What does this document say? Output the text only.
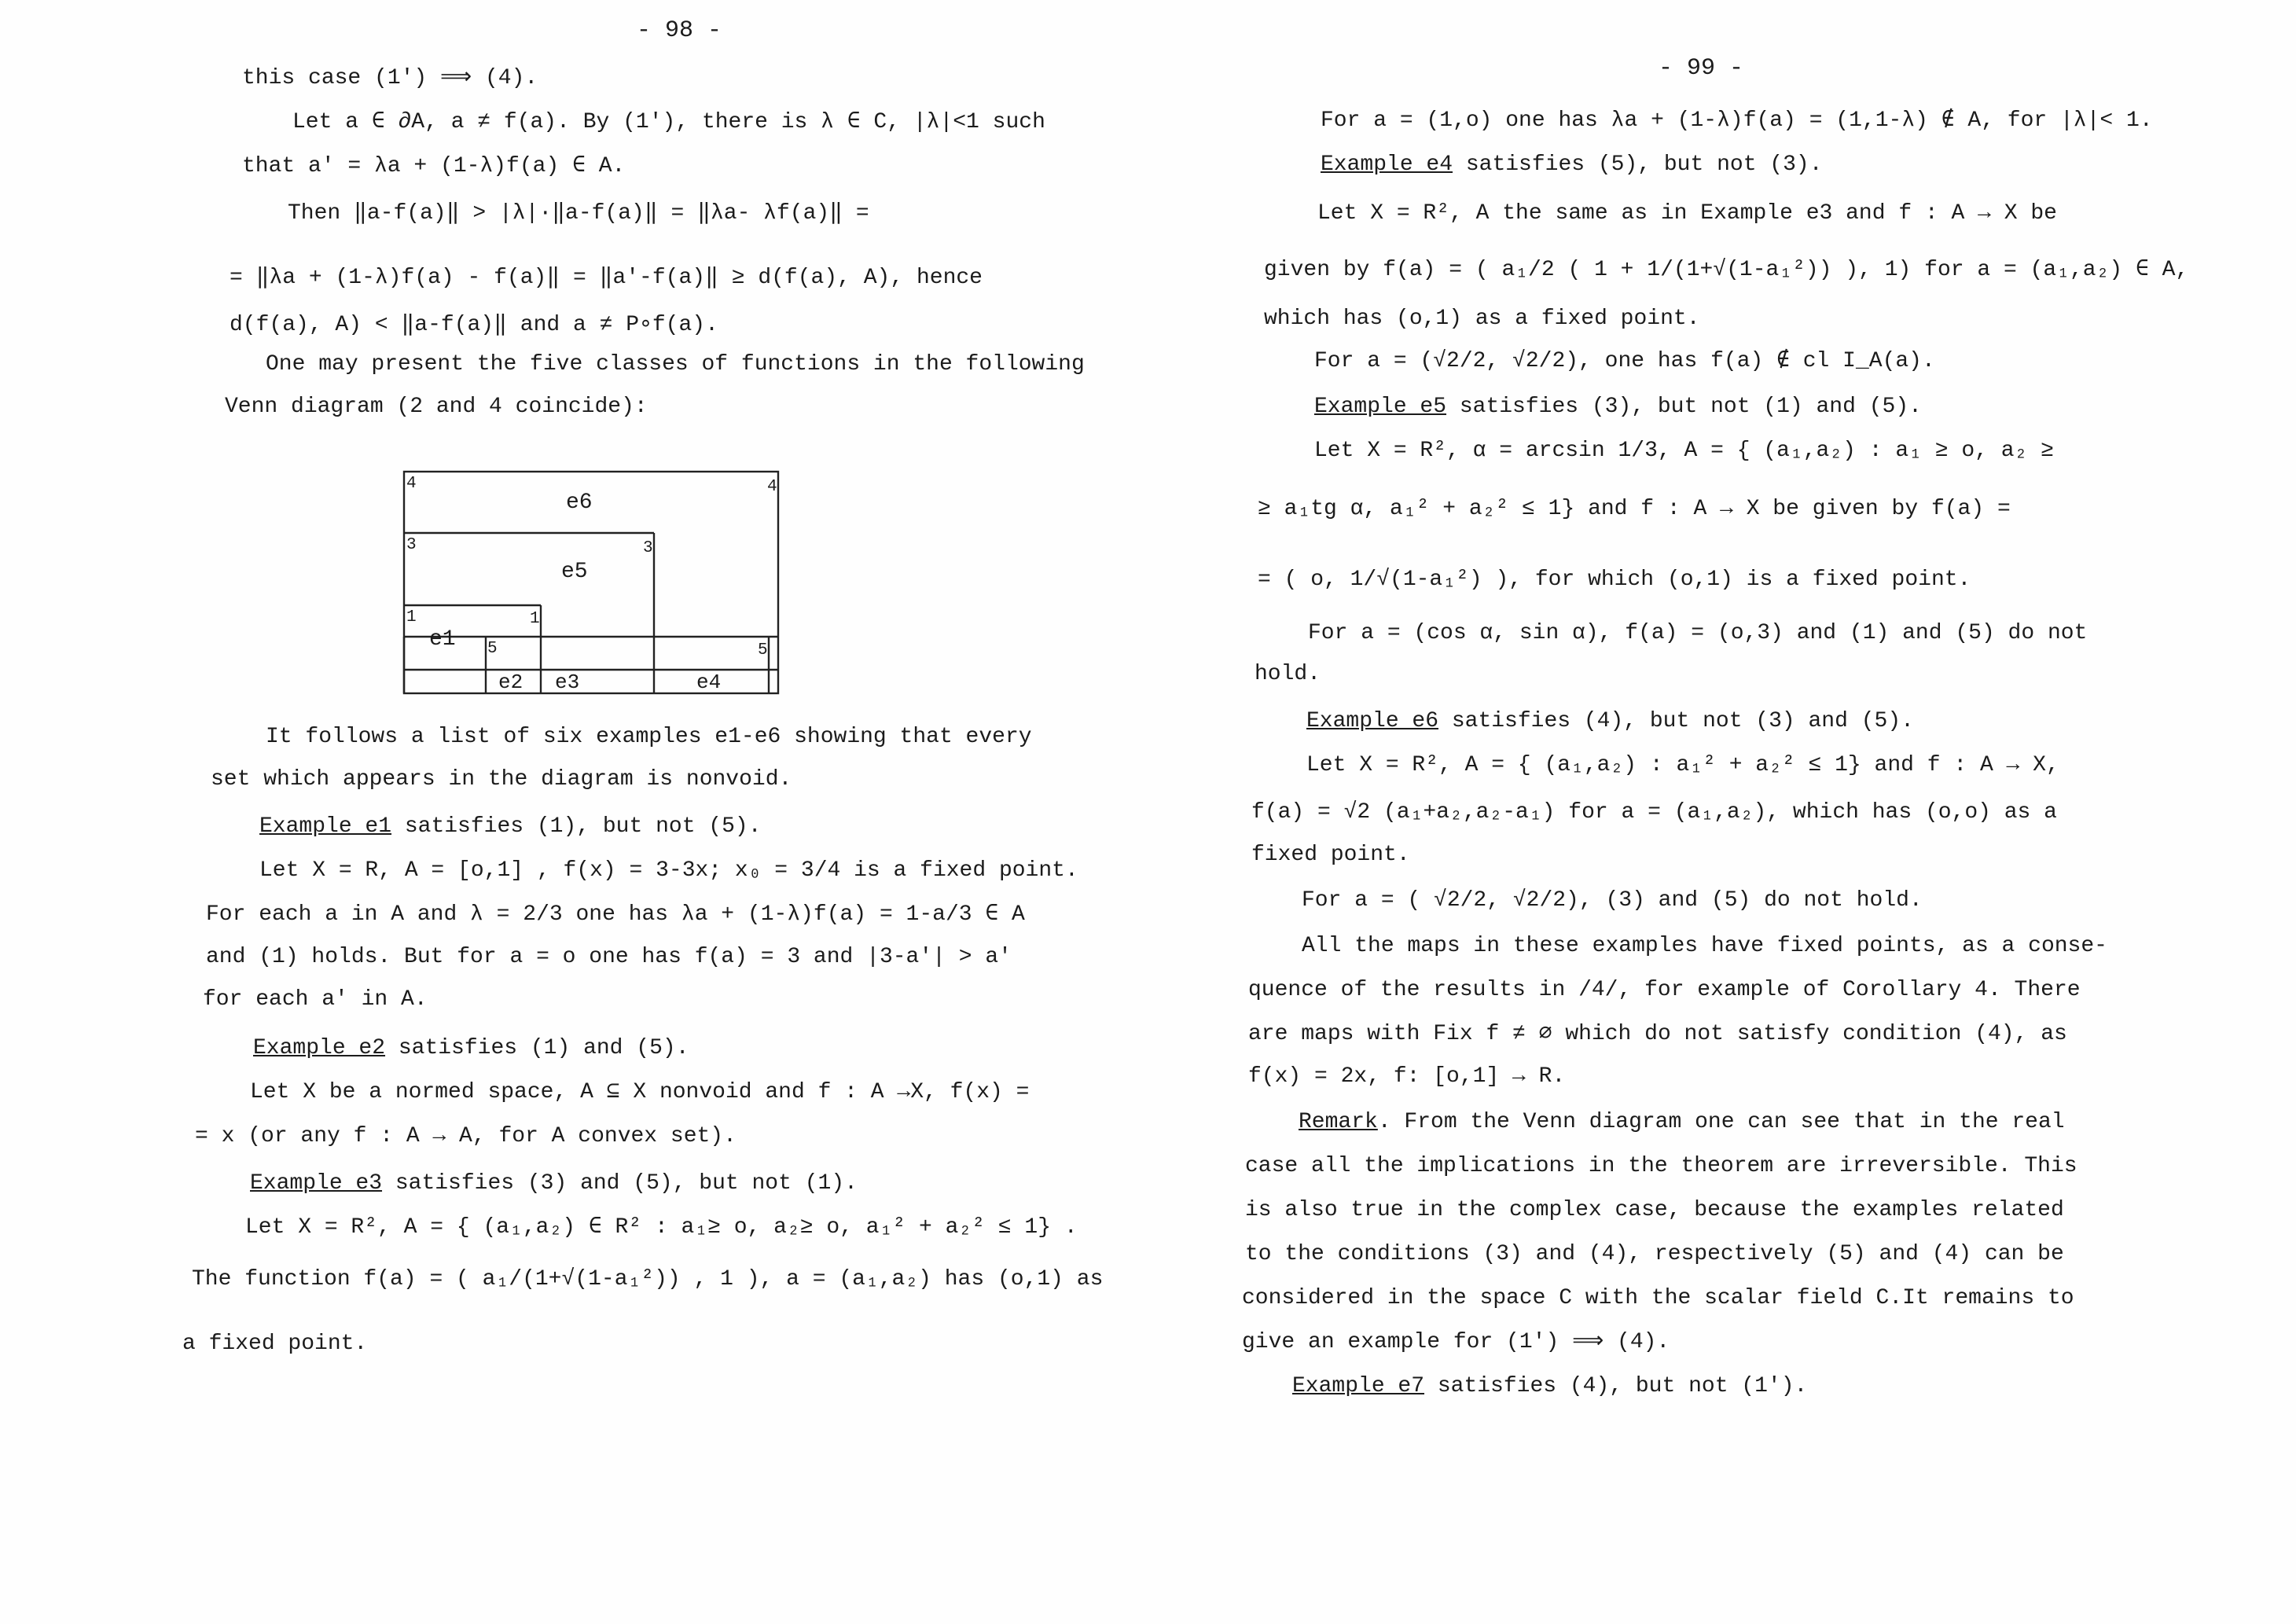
- 98 -
this case (1') ⟹ (4).
Let a ∈ ∂A, a ≠ f(a). By (1'), there is λ ∈ C, |λ|<1 such
that a' = λa + (1-λ)f(a) ∈ A.
Then ‖a-f(a)‖ > |λ|·‖a-f(a)‖ = ‖λa- λf(a)‖ =
= ‖λa + (1-λ)f(a) - f(a)‖ = ‖a'-f(a)‖ ≥ d(f(a), A), hence
d(f(a), A) < ‖a-f(a)‖ and a ≠ P∘f(a).
One may present the five classes of functions in the following
Venn diagram (2 and 4 coincide):
e6
e5
e1
e2 e3	e4
4	4
3	3
1	1
5	5
It follows a list of six examples e1-e6 showing that every
set which appears in the diagram is nonvoid.
Example e1 satisfies (1), but not (5).
Let X = R, A = [o,1] , f(x) = 3-3x; x₀ = 3/4 is a fixed point.
For each a in A and λ = 2/3 one has λa + (1-λ)f(a) = 1-a/3 ∈ A
and (1) holds. But for a = o one has f(a) = 3 and |3-a'| > a'
for each a' in A.
Example e2 satisfies (1) and (5).
Let X be a normed space, A ⊆ X nonvoid and f : A →X, f(x) =
= x (or any f : A → A, for A convex set).
Example e3 satisfies (3) and (5), but not (1).
Let X = R², A = { (a₁,a₂) ∈ R² : a₁≥ o, a₂≥ o, a₁² + a₂² ≤ 1} .
The function f(a) = ( a₁/(1+√(1-a₁²)) , 1 ), a = (a₁,a₂) has (o,1) as
a fixed point.
- 99 -
For a = (1,o) one has λa + (1-λ)f(a) = (1,1-λ) ∉ A, for |λ|< 1.
Example e4 satisfies (5), but not (3).
Let X = R², A the same as in Example e3 and f : A → X be
given by f(a) = ( a₁/2 ( 1 + 1/(1+√(1-a₁²)) ), 1) for a = (a₁,a₂) ∈ A,
which has (o,1) as a fixed point.
For a = (√2/2, √2/2), one has f(a) ∉ cl I_A(a).
Example e5 satisfies (3), but not (1) and (5).
Let X = R², α = arcsin 1/3, A = { (a₁,a₂) : a₁ ≥ o, a₂ ≥
≥ a₁tg α, a₁² + a₂² ≤ 1} and f : A → X be given by f(a) =
= ( o, 1/√(1-a₁²) ), for which (o,1) is a fixed point.
For a = (cos α, sin α), f(a) = (o,3) and (1) and (5) do not
hold.
Example e6 satisfies (4), but not (3) and (5).
Let X = R², A = { (a₁,a₂) : a₁² + a₂² ≤ 1} and f : A → X,
f(a) = √2 (a₁+a₂,a₂-a₁) for a = (a₁,a₂), which has (o,o) as a
fixed point.
For a = ( √2/2, √2/2), (3) and (5) do not hold.
All the maps in these examples have fixed points, as a conse-
quence of the results in /4/, for example of Corollary 4. There
are maps with Fix f ≠ ∅ which do not satisfy condition (4), as
f(x) = 2x, f: [o,1] → R.
Remark. From the Venn diagram one can see that in the real
case all the implications in the theorem are irreversible. This
is also true in the complex case, because the examples related
to the conditions (3) and (4), respectively (5) and (4) can be
considered in the space C with the scalar field C.It remains to
give an example for (1') ⟹ (4).
Example e7 satisfies (4), but not (1').
